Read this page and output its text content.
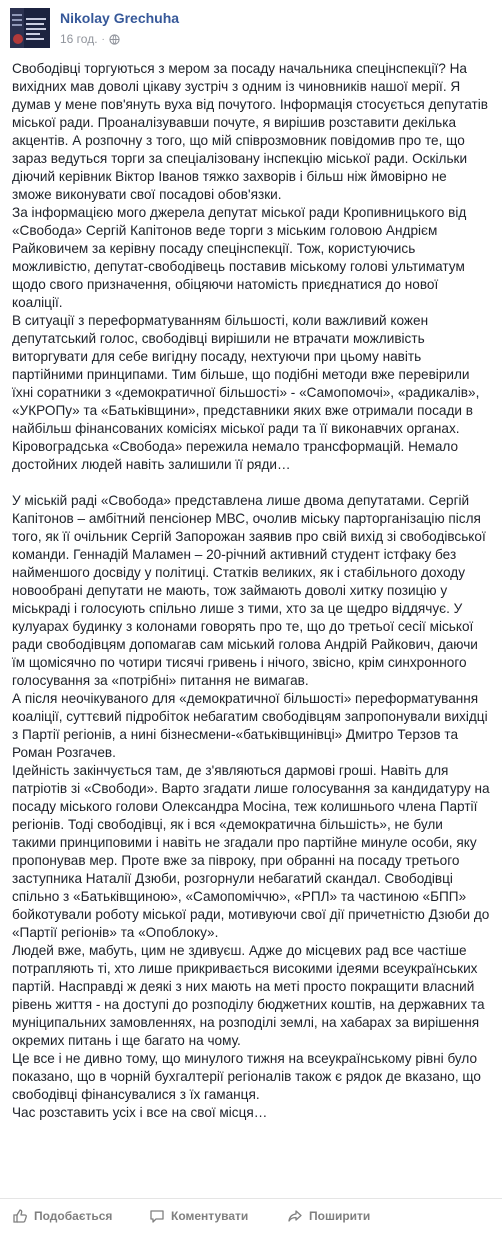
Nikolay Grechuha
16 год. ·

Свободівці торгуються з мером за посаду начальника спецінспекції? На вихідних мав доволі цікаву зустріч з одним із чиновників нашої мерії. Я думав у мене пов'януть вуха від почутого. Інформація стосується депутатів міської ради. Проаналізувавши почуте, я вирішив розставити декілька акцентів. А розпочну з того, що мій співрозмовник повідомив про те, що зараз ведуться торги за спеціалізовану інспекцію міської ради. Оскільки діючий керівник Віктор Іванов тяжко захворів і більш ніж ймовірно не зможе виконувати свої посадові обов'язки.

За інформацією мого джерела депутат міської ради Кропивницького від «Свобода» Сергій Капітонов веде торги з міським головою Андрієм Райковичем за керівну посаду спецінспекції. Тож, користуючись можливістю, депутат-свободівець поставив міському голові ультиматум щодо свого призначення, обіцяючи натомість приєднатися до нової коаліції.

В ситуації з переформатуванням більшості, коли важливий кожен депутатський голос, свободівці вирішили не втрачати можливість виторгувати для себе вигідну посаду, нехтуючи при цьому навіть партійними принципами. Тим більше, що подібні методи вже перевірили їхні соратники з «демократичної більшості» - «Самопомочі», «радикалів», «УКРОПу» та «Батьківщини», представники яких вже отримали посади в найбільш фінансованих комісіях міської ради та її виконавчих органах.

Кіровоградська «Свобода» пережила немало трансформацій. Немало достойних людей навіть залишили її ряди…

У міській раді «Свобода» представлена лише двома депутатами. Сергій Капітонов – амбітний пенсіонер МВС, очолив міську парторганізацію після того, як її очільник Сергій Запорожан заявив про свій вихід зі свободівської команди. Геннадій Маламен – 20-річний активний студент істфаку без найменшого досвіду у політиці. Статків великих, як і стабільного доходу новообрані депутати не мають, тож займають доволі хитку позицію у міськраді і голосують спільно лише з тими, хто за це щедро віддячує. У кулуарах будинку з колонами говорять про те, що до третьої сесії міської ради свободівцям допомагав сам міський голова Андрій Райкович, даючи їм щомісячно по чотири тисячі гривень і нічого, звісно, крім синхронного голосування за «потрібні» питання не вимагав.

А після неочікуваного для «демократичної більшості» переформатування коаліції, суттєвий підробіток небагатим свободівцям запропонували вихідці з Партії регіонів, а нині бізнесмени-«батьківщинівці» Дмитро Терзов та Роман Розгачев.

Ідейність закінчується там, де з'являються дармові гроші. Навіть для патріотів зі «Свободи». Варто згадати лише голосування за кандидатуру на посаду міського голови Олександра Мосіна, теж колишнього члена Партії регіонів. Тоді свободівці, як і вся «демократична більшість», не були такими принциповими і навіть не згадали про партійне минуле особи, яку пропонував мер. Проте вже за півроку, при обранні на посаду третього заступника Наталії Дзюби, розгорнули небагатий скандал. Свободівці спільно з «Батьківщиною», «Самопоміччю», «РПЛ» та частиною «БПП» бойкотували роботу міської ради, мотивуючи свої дії причетністю Дзюби до «Партії регіонів» та «Опоблоку».

Людей вже, мабуть, цим не здивуєш. Адже до місцевих рад все частіше потрапляють ті, хто лише прикривається високими ідеями всеукраїнських партій. Насправді ж деякі з них мають на меті просто покращити власний рівень життя - на доступі до розподілу бюджетних коштів, на державних та муніципальних замовленнях, на розподілі землі, на хабарах за вирішення окремих питань і ще багато на чому.

Це все і не дивно тому, що минулого тижня на всеукраїнському рівні було показано, що в чорній бухгалтерії регіоналів також є рядок де вказано, що свободівці фінансувалися з їх гаманця.

Час розставить усіх і все на свої місця…

Подобається	Коментувати	Поширити
